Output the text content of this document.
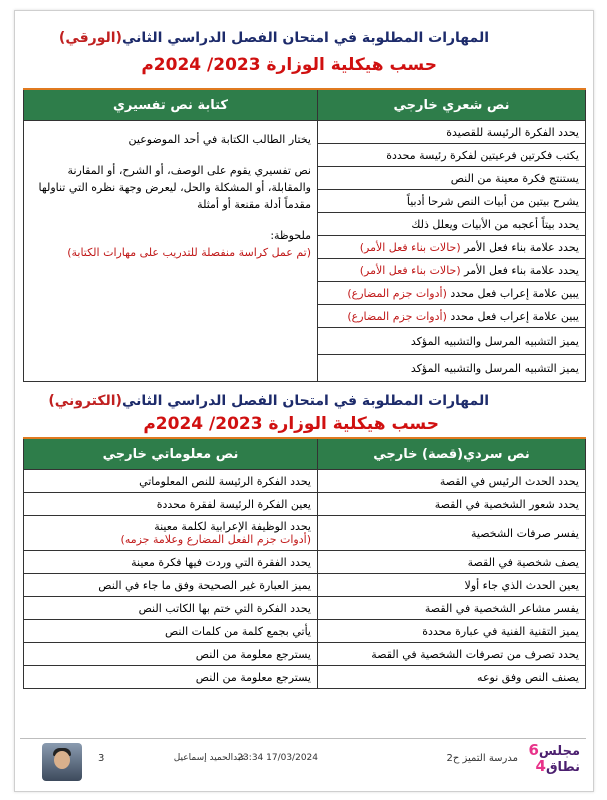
المهارات المطلوبة في امتحان الفصل الدراسي الثاني(الورقي)
حسب هيكلية الوزارة 2023/ 2024م
نص شعري خارجي	كتابة نص تفسيري
يحدد الفكرة الرئيسة للقصيدة	يختار الطالب الكتابة في أحد الموضوعين
نص تفسيري يقوم على الوصف، أو الشرح، أو المقارنة والمقابلة، أو المشكلة والحل، ليعرض وجهة نظره التي تناولها مقدماً أدلة مقنعة أو أمثلة
ملحوظة:
(تم عمل كراسة منفصلة للتدريب على مهارات الكتابة)

يكتب فكرتين فرعيتين لفكرة رئيسة محددة	
يستنتج فكرة معينة من النص	
يشرح بيتين من أبيات النص شرحا أدبياً	
يحدد بيتاً أعجبه من الأبيات ويعلل ذلك	
يحدد علامة بناء فعل الأمر (حالات بناء فعل الأمر)	
يحدد علامة بناء فعل الأمر (حالات بناء فعل الأمر)	
يبين علامة إعراب فعل محدد (أدوات جزم المضارع)	
يبين علامة إعراب فعل محدد (أدوات جزم المضارع)	
يميز التشبيه المرسل والتشبيه المؤكد	
يميز التشبيه المرسل والتشبيه المؤكد	
المهارات المطلوبة في امتحان الفصل الدراسي الثاني(الكتروني)
حسب هيكلية الوزارة 2023/ 2024م
نص سردي(قصة) خارجي	نص معلوماتي خارجي
يحدد الحدث الرئيس في القصة	يحدد الفكرة الرئيسة للنص المعلوماتي
يحدد شعور الشخصية في القصة	يعين الفكرة الرئيسة لفقرة محددة
يفسر صرفات الشخصية	يحدد الوظيفة الإعرابية لكلمة معينة
(أدوات جزم الفعل المضارع وعلامة جزمه)

يصف شخصية في القصة	يحدد الفقرة التي وردت فيها فكرة معينة
يعين الحدث الذي جاء أولا	يميز العبارة غير الصحيحة وفق ما جاء في النص
يفسر مشاعر الشخصية في القصة	يحدد الفكرة التي ختم بها الكاتب النص
يميز التقنية الفنية في عبارة محددة	يأتي بجمع كلمة من كلمات النص
يحدد تصرف من تصرفات الشخصية في القصة	يسترجع معلومة من النص
يصنف النص وفق نوعه	يسترجع معلومة من النص
مجلس6
نطاق4
مدرسة التميز ح2
23:34 17/03/2024
عبدالحميد إسماعيل
3
